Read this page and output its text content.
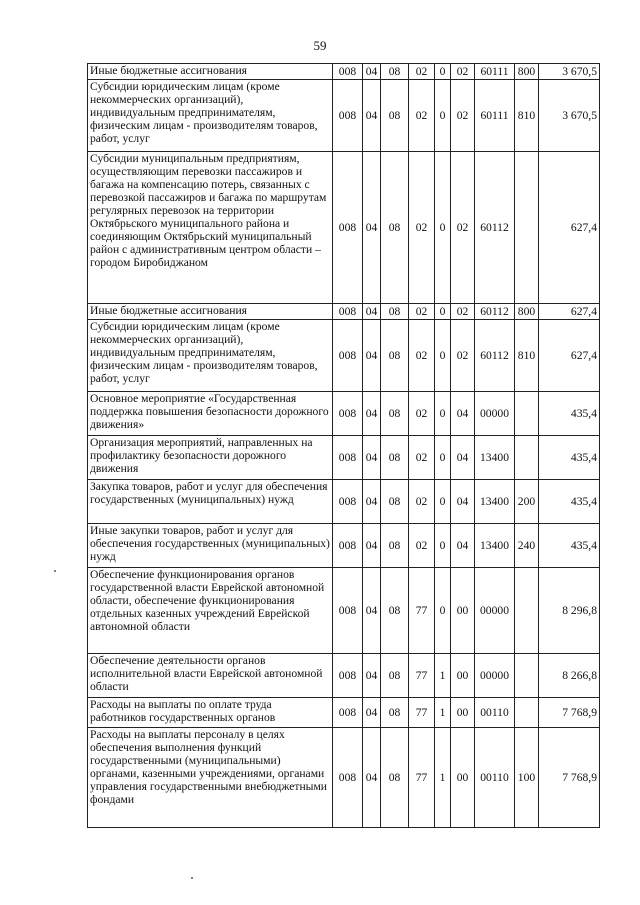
59
Иные бюджетные ассигнования	008	04	08	02	0	02	60111	800	3 670,5
Субсидии юридическим лицам (кроме некоммерческих организаций), индивидуальным предпринимателям, физическим лицам - производителям товаров, работ, услуг	008	04	08	02	0	02	60111	810	3 670,5
Субсидии муниципальным предприятиям, осуществляющим перевозки пассажиров и багажа на компенсацию потерь, связанных с перевозкой пассажиров и багажа по маршрутам регулярных перевозок на территории Октябрьского муниципального района и соединяющим Октябрьский муниципальный район с административным центром области – городом Биробиджаном	008	04	08	02	0	02	60112		627,4
Иные бюджетные ассигнования	008	04	08	02	0	02	60112	800	627,4
Субсидии юридическим лицам (кроме некоммерческих организаций), индивидуальным предпринимателям, физическим лицам - производителям товаров, работ, услуг	008	04	08	02	0	02	60112	810	627,4
Основное мероприятие «Государственная поддержка повышения безопасности дорожного движения»	008	04	08	02	0	04	00000		435,4
Организация мероприятий, направленных на профилактику безопасности дорожного движения	008	04	08	02	0	04	13400		435,4
Закупка товаров, работ и услуг для обеспечения государственных (муниципальных) нужд	008	04	08	02	0	04	13400	200	435,4
Иные закупки товаров, работ и услуг для обеспечения государственных (муниципальных) нужд	008	04	08	02	0	04	13400	240	435,4
Обеспечение функционирования органов государственной власти Еврейской автономной области, обеспечение функционирования отдельных казенных учреждений Еврейской автономной области	008	04	08	77	0	00	00000		8 296,8
Обеспечение деятельности органов исполнительной власти Еврейской автономной области	008	04	08	77	1	00	00000		8 266,8
Расходы на выплаты по оплате труда работников государственных органов	008	04	08	77	1	00	00110		7 768,9
Расходы на выплаты персоналу в целях обеспечения выполнения функций государственными (муниципальными) органами, казенными учреждениями, органами управления государственными внебюджетными фондами	008	04	08	77	1	00	00110	100	7 768,9
